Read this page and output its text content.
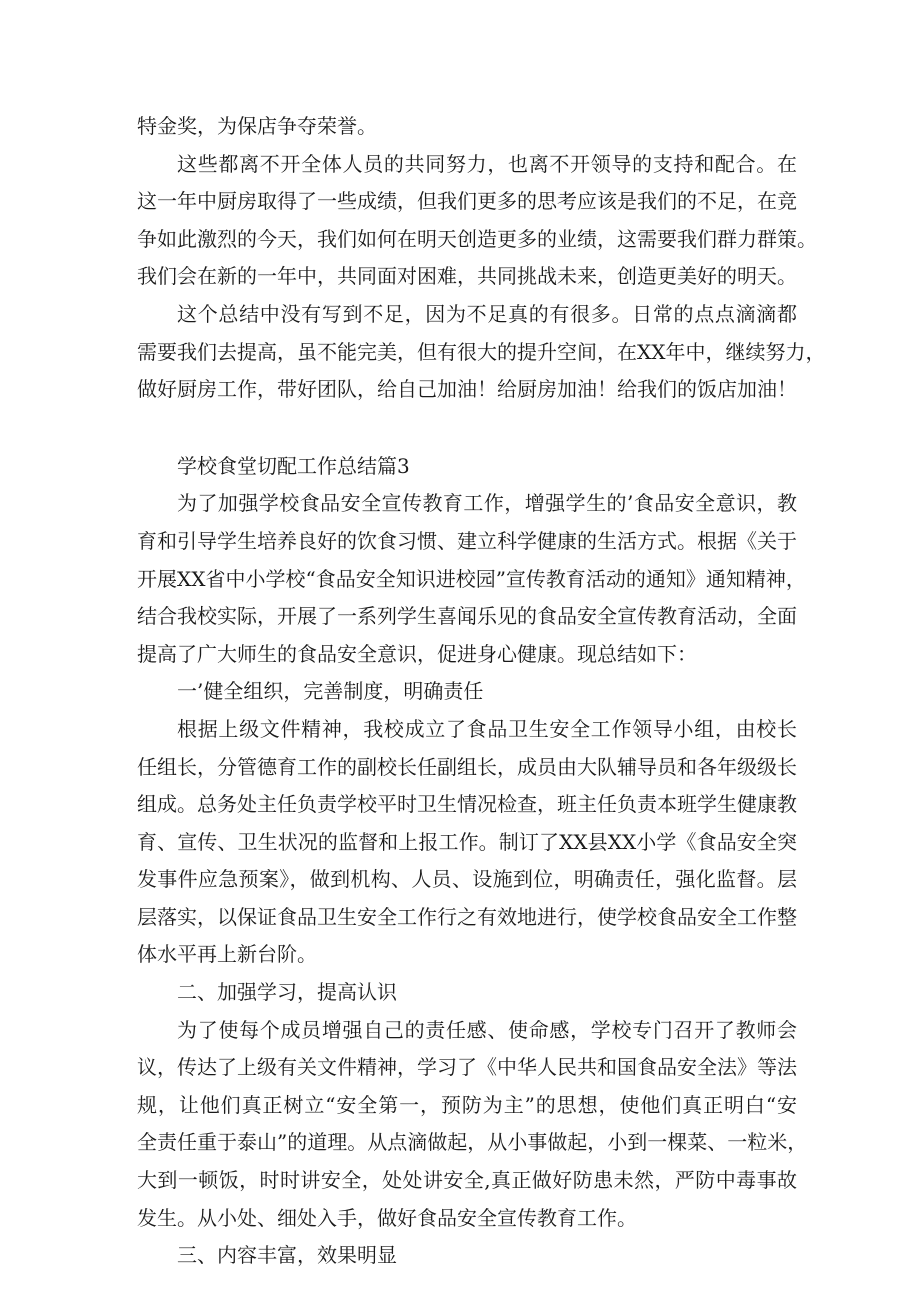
特金奖，为保店争夺荣誉。
这些都离不开全体人员的共同努力，也离不开领导的支持和配合。在
这一年中厨房取得了一些成绩，但我们更多的思考应该是我们的不足，在竞
争如此激烈的今天，我们如何在明天创造更多的业绩，这需要我们群力群策。
我们会在新的一年中，共同面对困难，共同挑战未来，创造更美好的明天。
这个总结中没有写到不足，因为不足真的有很多。日常的点点滴滴都
需要我们去提高，虽不能完美，但有很大的提升空间，在XX年中，继续努力，
做好厨房工作，带好团队，给自己加油！给厨房加油！给我们的饭店加油！
学校食堂切配工作总结篇3
为了加强学校食品安全宣传教育工作，增强学生的’食品安全意识，教
育和引导学生培养良好的饮食习惯、建立科学健康的生活方式。根据《关于
开展XX省中小学校“食品安全知识进校园”宣传教育活动的通知》通知精神，
结合我校实际，开展了一系列学生喜闻乐见的食品安全宣传教育活动，全面
提高了广大师生的食品安全意识，促进身心健康。现总结如下：
一’健全组织，完善制度，明确责任
根据上级文件精神，我校成立了食品卫生安全工作领导小组，由校长
任组长，分管德育工作的副校长任副组长，成员由大队辅导员和各年级级长
组成。总务处主任负责学校平时卫生情况检查，班主任负责本班学生健康教
育、宣传、卫生状况的监督和上报工作。制订了XX县XX小学《食品安全突
发事件应急预案》，做到机构、人员、设施到位，明确责任，强化监督。层
层落实，以保证食品卫生安全工作行之有效地进行，使学校食品安全工作整
体水平再上新台阶。
二、加强学习，提高认识
为了使每个成员增强自己的责任感、使命感，学校专门召开了教师会
议，传达了上级有关文件精神，学习了《中华人民共和国食品安全法》等法
规，让他们真正树立“安全第一，预防为主”的思想，使他们真正明白“安
全责任重于泰山”的道理。从点滴做起，从小事做起，小到一棵菜、一粒米，
大到一顿饭，时时讲安全，处处讲安全,真正做好防患未然，严防中毒事故
发生。从小处、细处入手，做好食品安全宣传教育工作。
三、内容丰富，效果明显
